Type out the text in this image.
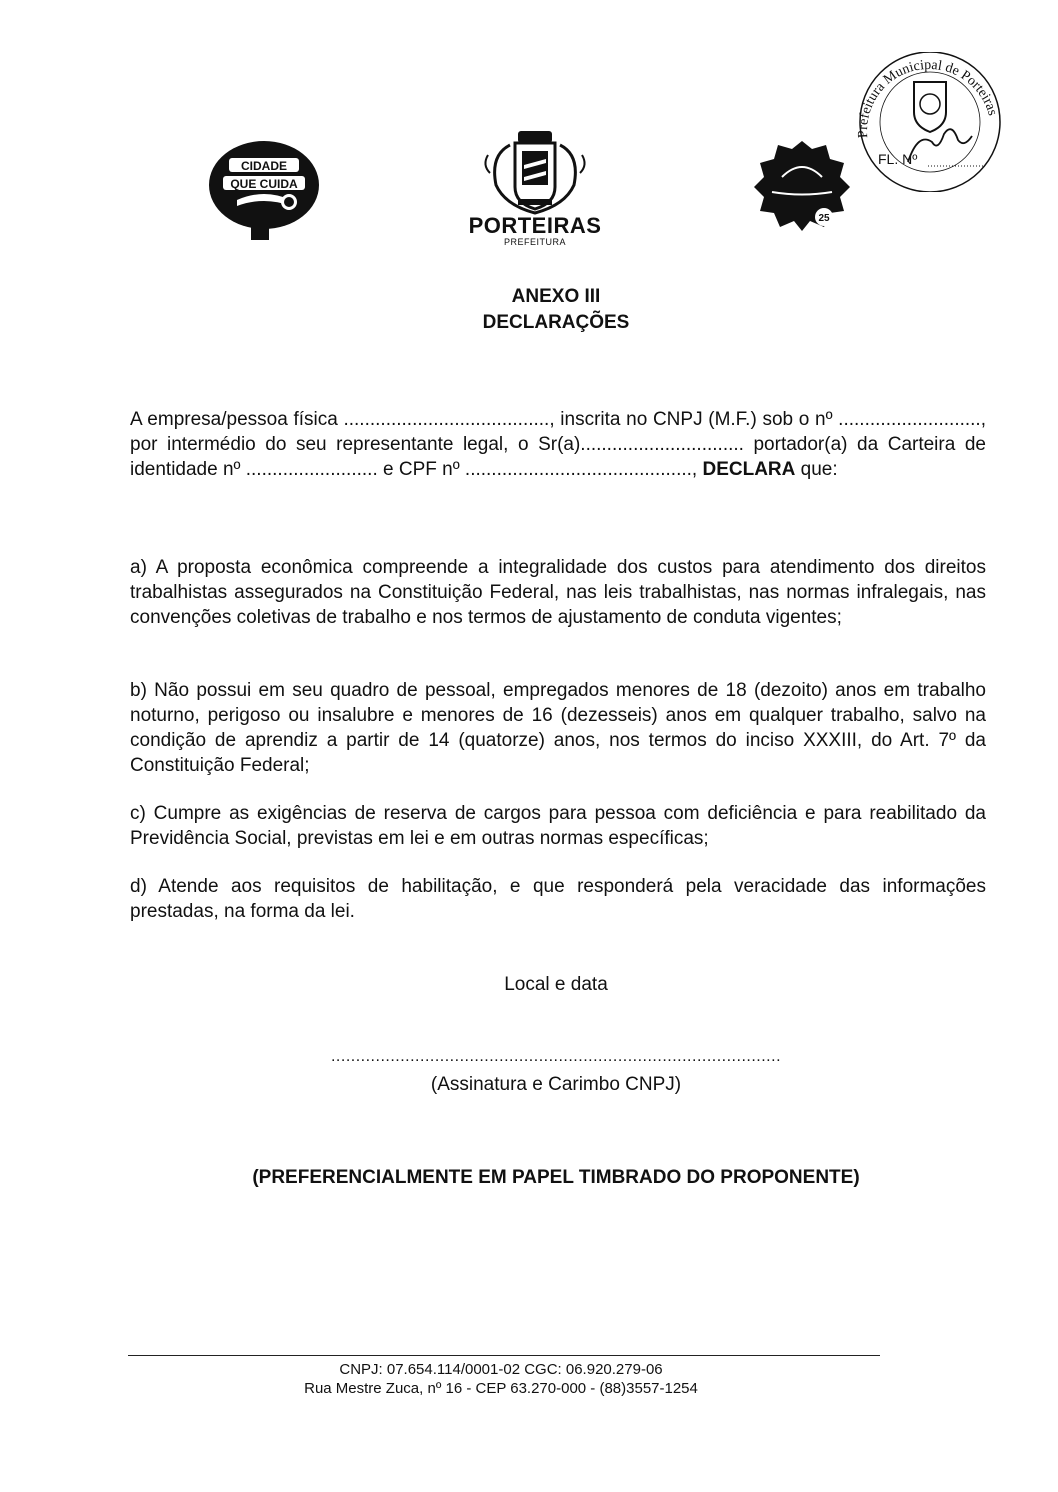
CIDADE
QUE CUIDA
PORTEIRAS
PREFEITURA
25
Prefeitura Municipal de Porteiras
FL. Nº
ANEXO III
DECLARAÇÕES
A empresa/pessoa física ......................................., inscrita no CNPJ (M.F.) sob o nº ..........................., por intermédio do seu representante legal, o Sr(a)............................... portador(a) da Carteira de identidade nº ......................... e CPF nº ..........................................., DECLARA que:
a) A proposta econômica compreende a integralidade dos custos para atendimento dos direitos trabalhistas assegurados na Constituição Federal, nas leis trabalhistas, nas normas infralegais, nas convenções coletivas de trabalho e nos termos de ajustamento de conduta vigentes;
b) Não possui em seu quadro de pessoal, empregados menores de 18 (dezoito) anos em trabalho noturno, perigoso ou insalubre e menores de 16 (dezesseis) anos em qualquer trabalho, salvo na condição de aprendiz a partir de 14 (quatorze) anos, nos termos do inciso XXXIII, do Art. 7º da Constituição Federal;
c) Cumpre as exigências de reserva de cargos para pessoa com deficiência e para reabilitado da Previdência Social, previstas em lei e em outras normas específicas;
d) Atende aos requisitos de habilitação, e que responderá pela veracidade das informações prestadas, na forma da lei.
Local e data
...........................................................................................
(Assinatura e Carimbo CNPJ)
(PREFERENCIALMENTE EM PAPEL TIMBRADO DO PROPONENTE)
CNPJ: 07.654.114/0001-02 CGC: 06.920.279-06
Rua Mestre Zuca, nº 16 - CEP 63.270-000 - (88)3557-1254
